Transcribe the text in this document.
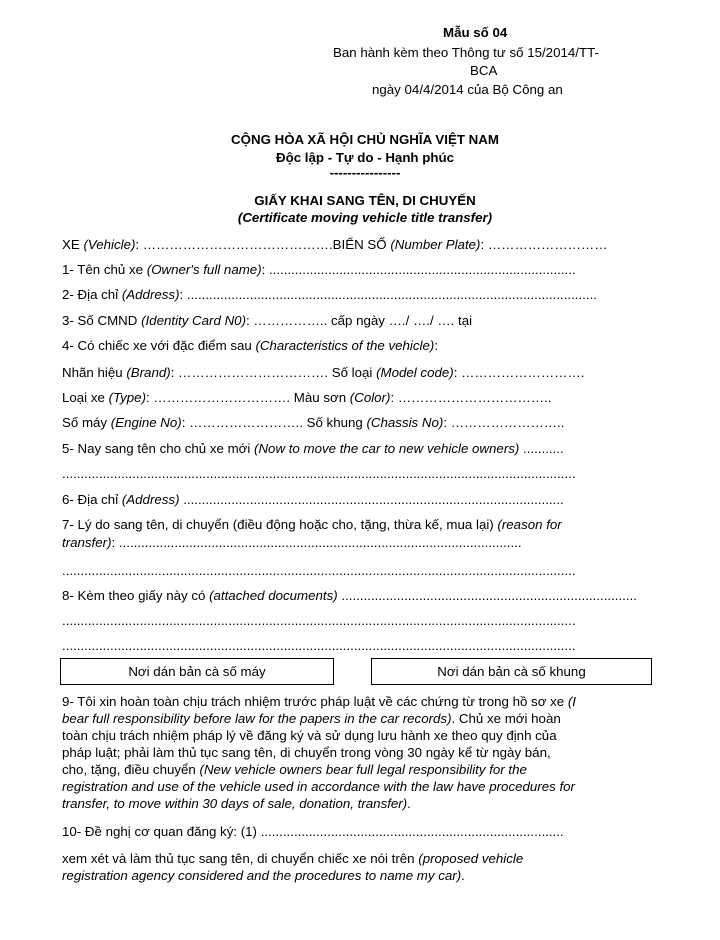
Mẫu số 04
Ban hành kèm theo Thông tư số 15/2014/TT-
BCA
ngày 04/4/2014 của Bộ Công an
CỘNG HÒA XÃ HỘI CHỦ NGHĨA VIỆT NAM
Độc lập - Tự do - Hạnh phúc
----------------
GIẤY KHAI SANG TÊN, DI CHUYỂN
(Certificate moving vehicle title transfer)
XE (Vehicle): …………………………………….BIỂN SỐ (Number Plate): ………………………
1- Tên chủ xe (Owner's full name): ...................................................................................
2- Địa chỉ (Address): ...............................................................................................................
3- Số CMND (Identity Card N0): …………….. cấp ngày …./ …./ …. tại
4- Có chiếc xe với đặc điểm sau (Characteristics of the vehicle):
Nhãn hiệu (Brand): ……………………………. Số loại (Model code): ……………………….
Loại xe (Type): …………………………. Màu sơn (Color): ……………………………..
Số máy (Engine No): …………………….. Số khung (Chassis No): ……………………..
5- Nay sang tên cho chủ xe mới (Now to move the car to new vehicle owners) ...........
...........................................................................................................................................
6- Địa chỉ (Address) .......................................................................................................
7- Lý do sang tên, di chuyển (điều động hoặc cho, tặng, thừa kế, mua lại) (reason for
transfer): .............................................................................................................
...........................................................................................................................................
8- Kèm theo giấy này có (attached documents) ................................................................................
...........................................................................................................................................
...........................................................................................................................................
Nơi dán bản cà số máy	Nơi dán bản cà số khung
9- Tôi xin hoàn toàn chịu trách nhiệm trước pháp luật về các chứng từ trong hồ sơ xe (I
bear full responsibility before law for the papers in the car records). Chủ xe mới hoàn
toàn chịu trách nhiệm pháp lý về đăng ký và sử dụng lưu hành xe theo quy định của
pháp luật; phải làm thủ tục sang tên, di chuyển trong vòng 30 ngày kể từ ngày bán,
cho, tặng, điều chuyển (New vehicle owners bear full legal responsibility for the
registration and use of the vehicle used in accordance with the law have procedures for
transfer, to move within 30 days of sale, donation, transfer).
10- Đề nghị cơ quan đăng ký: (1) ..................................................................................
xem xét và làm thủ tục sang tên, di chuyển chiếc xe nói trên (proposed vehicle
registration agency considered and the procedures to name my car).
